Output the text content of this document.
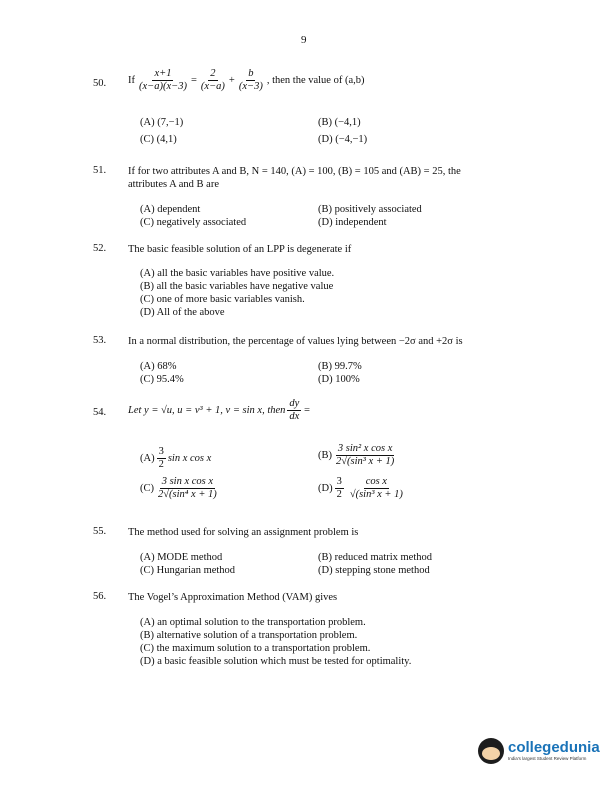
9
50. If $\frac{x+1}{(x-a)(x-3)} = \frac{2}{(x-a)} + \frac{b}{(x-3)}$ , then the value of (a,b)
(A) (7,−1)	(B) (−4,1)
(C) (4,1)	(D) (−4,−1)
51. If for two attributes A and B, N = 140, (A) = 100, (B) = 105 and (AB) = 25, the
attributes A and B are
(A) dependent	(B) positively associated
(C) negatively associated	(D) independent
52. The basic feasible solution of an LPP is degenerate if
(A) all the basic variables have positive value.
(B) all the basic variables have negative value
(C) one of more basic variables vanish.
(D) All of the above
53. In a normal distribution, the percentage of values lying between −2σ and +2σ is
(A) 68%	(B) 99.7%
(C) 95.4%	(D) 100%
54. Let y = √u, u = v³ + 1, v = sin x, then $\frac{dy}{dx}$ =
$(A) \frac{3}{2}$ sin x cos x	$(B) \frac{\text{3 sin² x cos x}}{\text{2√(sin³ x + 1)}}$
$(C) \frac{\text{3 sin x cos x}}{\text{2√(sin⁴ x + 1)}}$	$(D) \frac{3}{2} \frac{\text{cos x}}{\text{√(sin³ x + 1)}}$
55. The method used for solving an assignment problem is
(A) MODE method	(B) reduced matrix method
(C) Hungarian method	(D) stepping stone method
56. The Vogel’s Approximation Method (VAM) gives
(A) an optimal solution to the transportation problem.
(B) alternative solution of a transportation problem.
(C) the maximum solution to a transportation problem.
(D) a basic feasible solution which must be tested for optimality.
collegedunia
India's largest Student Review Platform
